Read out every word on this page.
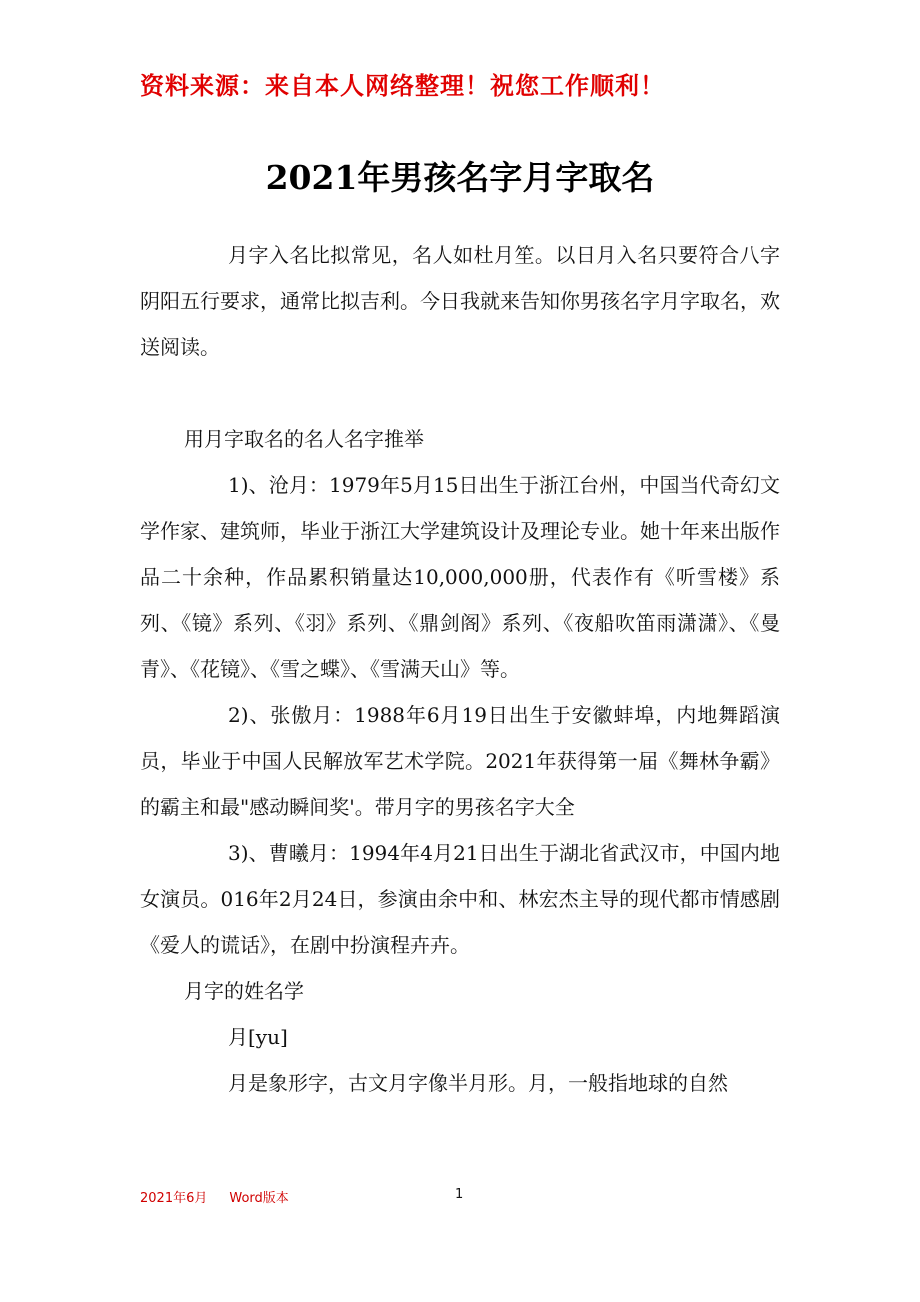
资料来源：来自本人网络整理！祝您工作顺利！
2021年男孩名字月字取名

月字入名比拟常见，名人如杜月笙。以日月入名只要符合八字阴阳五行要求，通常比拟吉利。今日我就来告知你男孩名字月字取名，欢送阅读。

用月字取名的名人名字推举

1)、沧月：1979年5月15日出生于浙江台州，中国当代奇幻文学作家、建筑师，毕业于浙江大学建筑设计及理论专业。她十年来出版作品二十余种，作品累积销量达10,000,000册，代表作有《听雪楼》系列、《镜》系列、《羽》系列、《鼎剑阁》系列、《夜船吹笛雨潇潇》、《曼青》、《花镜》、《雪之蝶》、《雪满天山》等。

2)、张傲月：1988年6月19日出生于安徽蚌埠，内地舞蹈演员，毕业于中国人民解放军艺术学院。2021年获得第一届《舞林争霸》的霸主和最"感动瞬间奖'。带月字的男孩名字大全

3)、曹曦月：1994年4月21日出生于湖北省武汉市，中国内地女演员。016年2月24日，参演由余中和、林宏杰主导的现代都市情感剧《爱人的谎话》，在剧中扮演程卉卉。

月字的姓名学

月[yu]

月是象形字，古文月字像半月形。月，一般指地球的自然

2021年6月 Word版本	1
